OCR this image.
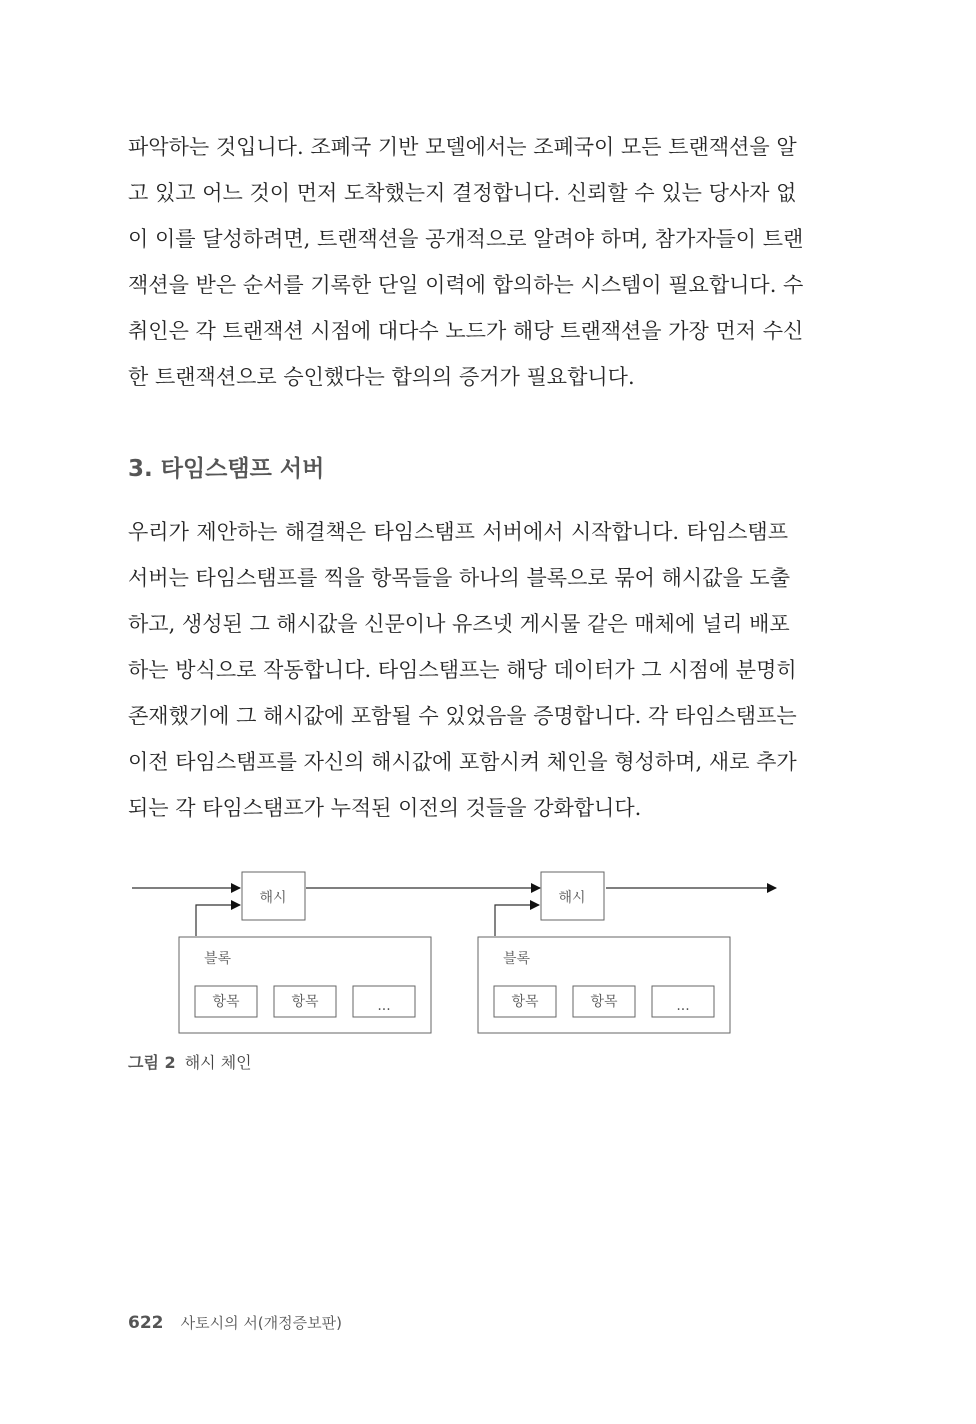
파악하는 것입니다. 조폐국 기반 모델에서는 조폐국이 모든 트랜잭션을 알
고 있고 어느 것이 먼저 도착했는지 결정합니다. 신뢰할 수 있는 당사자 없
이 이를 달성하려면, 트랜잭션을 공개적으로 알려야 하며, 참가자들이 트랜
잭션을 받은 순서를 기록한 단일 이력에 합의하는 시스템이 필요합니다. 수
취인은 각 트랜잭션 시점에 대다수 노드가 해당 트랜잭션을 가장 먼저 수신
한 트랜잭션으로 승인했다는 합의의 증거가 필요합니다.
3. 타임스탬프 서버
우리가 제안하는 해결책은 타임스탬프 서버에서 시작합니다. 타임스탬프
서버는 타임스탬프를 찍을 항목들을 하나의 블록으로 묶어 해시값을 도출
하고, 생성된 그 해시값을 신문이나 유즈넷 게시물 같은 매체에 널리 배포
하는 방식으로 작동합니다. 타임스탬프는 해당 데이터가 그 시점에 분명히
존재했기에 그 해시값에 포함될 수 있었음을 증명합니다. 각 타임스탬프는
이전 타임스탬프를 자신의 해시값에 포함시켜 체인을 형성하며, 새로 추가
되는 각 타임스탬프가 누적된 이전의 것들을 강화합니다.
해시
블록
항목	항목	...
해시
블록
항목	항목	...
그림 2 해시 체인
622 사토시의 서(개정증보판)
